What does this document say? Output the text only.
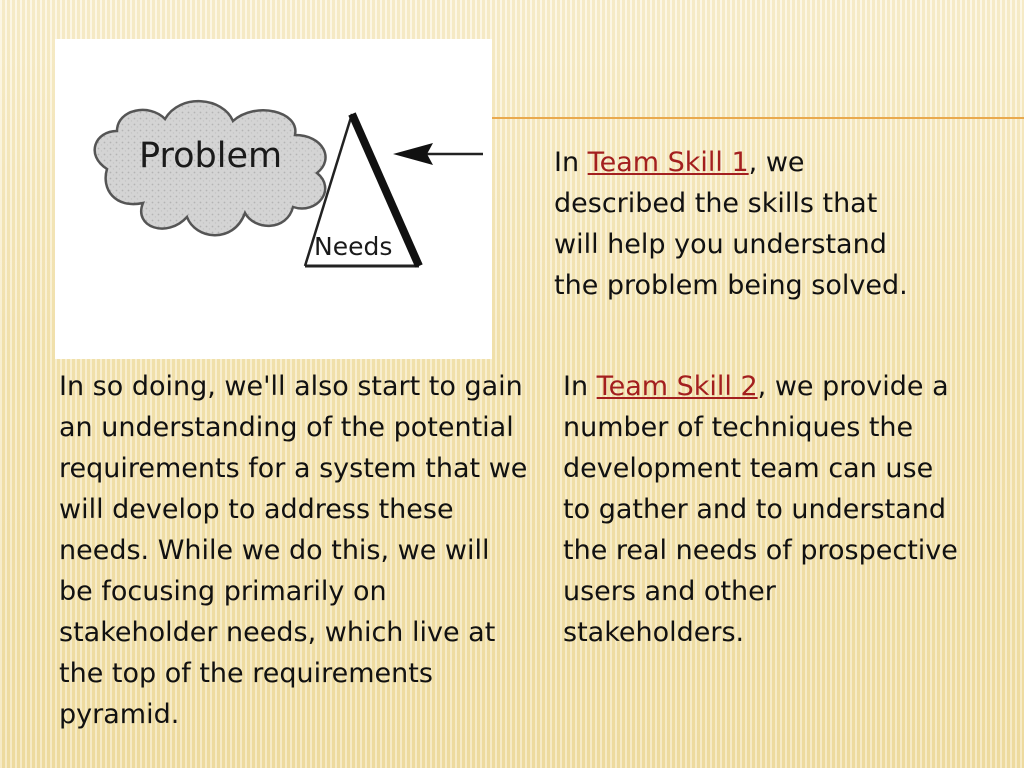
Problem
Needs

In Team Skill 1, we described the skills that will help you understand the problem being solved.

In so doing, we'll also start to gain an understanding of the potential requirements for a system that we will develop to address these needs. While we do this, we will be focusing primarily on stakeholder needs, which live at the top of the requirements pyramid.

In Team Skill 2, we provide a number of techniques the development team can use to gather and to understand the real needs of prospective users and other stakeholders.
